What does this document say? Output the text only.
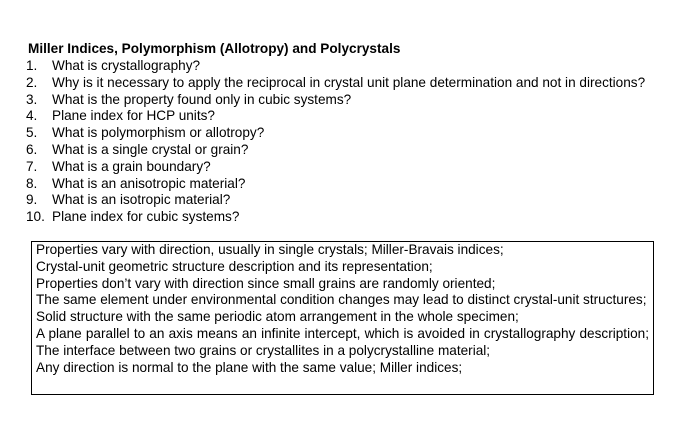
Miller Indices, Polymorphism (Allotropy) and Polycrystals
1.	What is crystallography?
2.	Why is it necessary to apply the reciprocal in crystal unit plane determination and not in directions?
3.	What is the property found only in cubic systems?
4.	Plane index for HCP units?
5.	What is polymorphism or allotropy?
6.	What is a single crystal or grain?
7.	What is a grain boundary?
8.	What is an anisotropic material?
9.	What is an isotropic material?
10. Plane index for cubic systems?
Properties vary with direction, usually in single crystals; Miller-Bravais indices;
Crystal-unit geometric structure description and its representation;
Properties don’t vary with direction since small grains are randomly oriented;
The same element under environmental condition changes may lead to distinct crystal-unit structures;
Solid structure with the same periodic atom arrangement in the whole specimen;
A plane parallel to an axis means an infinite intercept, which is avoided in crystallography description; The interface between two grains or crystallites in a polycrystalline material;
Any direction is normal to the plane with the same value; Miller indices;
